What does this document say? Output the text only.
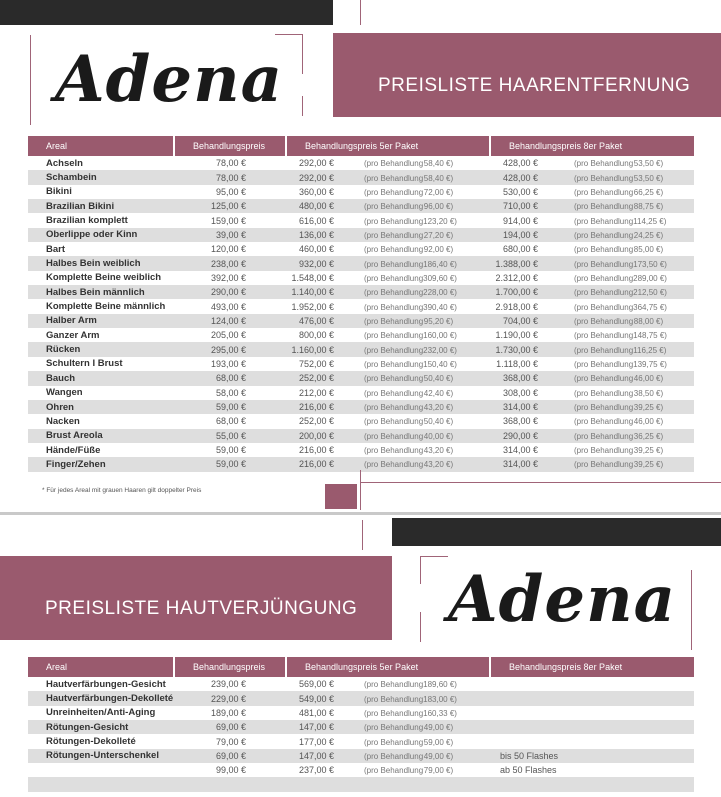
Adena	PREISLISTE HAARENTFERNUNG
Areal	Behandlungspreis	Behandlungspreis 5er Paket	Behandlungspreis 8er Paket
Achseln	78,00 €	292,00 € (pro Behandlung58,40 €)	428,00 € (pro Behandlung53,50 €)
Schambein	78,00 €	292,00 € (pro Behandlung58,40 €)	428,00 € (pro Behandlung53,50 €)
Bikini	95,00 €	360,00 € (pro Behandlung72,00 €)	530,00 € (pro Behandlung66,25 €)
Brazilian Bikini	125,00 €	480,00 € (pro Behandlung96,00 €)	710,00 € (pro Behandlung88,75 €)
Brazilian komplett	159,00 €	616,00 € (pro Behandlung123,20 €)	914,00 € (pro Behandlung114,25 €)
Oberlippe oder Kinn	39,00 €	136,00 € (pro Behandlung27,20 €)	194,00 € (pro Behandlung24,25 €)
Bart	120,00 €	460,00 € (pro Behandlung92,00 €)	680,00 € (pro Behandlung85,00 €)
Halbes Bein weiblich	238,00 €	932,00 € (pro Behandlung186,40 €)	1.388,00 € (pro Behandlung173,50 €)
Komplette Beine weiblich	392,00 €	1.548,00 € (pro Behandlung309,60 €)	2.312,00 € (pro Behandlung289,00 €)
Halbes Bein männlich	290,00 €	1.140,00 € (pro Behandlung228,00 €)	1.700,00 € (pro Behandlung212,50 €)
Komplette Beine männlich	493,00 €	1.952,00 € (pro Behandlung390,40 €)	2.918,00 € (pro Behandlung364,75 €)
Halber Arm	124,00 €	476,00 € (pro Behandlung95,20 €)	704,00 € (pro Behandlung88,00 €)
Ganzer Arm	205,00 €	800,00 € (pro Behandlung160,00 €)	1.190,00 € (pro Behandlung148,75 €)
Rücken	295,00 €	1.160,00 € (pro Behandlung232,00 €)	1.730,00 € (pro Behandlung116,25 €)
Schultern I Brust	193,00 €	752,00 € (pro Behandlung150,40 €)	1.118,00 € (pro Behandlung139,75 €)
Bauch	68,00 €	252,00 € (pro Behandlung50,40 €)	368,00 € (pro Behandlung46,00 €)
Wangen	58,00 €	212,00 € (pro Behandlung42,40 €)	308,00 € (pro Behandlung38,50 €)
Ohren	59,00 €	216,00 € (pro Behandlung43,20 €)	314,00 € (pro Behandlung39,25 €)
Nacken	68,00 €	252,00 € (pro Behandlung50,40 €)	368,00 € (pro Behandlung46,00 €)
Brust Areola	55,00 €	200,00 € (pro Behandlung40,00 €)	290,00 € (pro Behandlung36,25 €)
Hände/Füße	59,00 €	216,00 € (pro Behandlung43,20 €)	314,00 € (pro Behandlung39,25 €)
Finger/Zehen	59,00 €	216,00 € (pro Behandlung43,20 €)	314,00 € (pro Behandlung39,25 €)
* Für jedes Areal mit grauen Haaren gilt doppelter Preis
PREISLISTE HAUTVERJÜNGUNG Adena
Areal	Behandlungspreis	Behandlungspreis 5er Paket	Behandlungspreis 8er Paket
Hautverfärbungen-Gesicht	239,00 €	569,00 € (pro Behandlung189,60 €)	
Hautverfärbungen-Dekolleté	229,00 €	549,00 € (pro Behandlung183,00 €)	
Unreinheiten/Anti-Aging	189,00 €	481,00 € (pro Behandlung160,33 €)	
Rötungen-Gesicht	69,00 €	147,00 € (pro Behandlung49,00 €)	
Rötungen-Dekolleté	79,00 €	177,00 € (pro Behandlung59,00 €)	
Rötungen-Unterschenkel	69,00 €	147,00 € (pro Behandlung49,00 €)	bis 50 Flashes
	99,00 €	237,00 € (pro Behandlung79,00 €)	ab 50 Flashes
